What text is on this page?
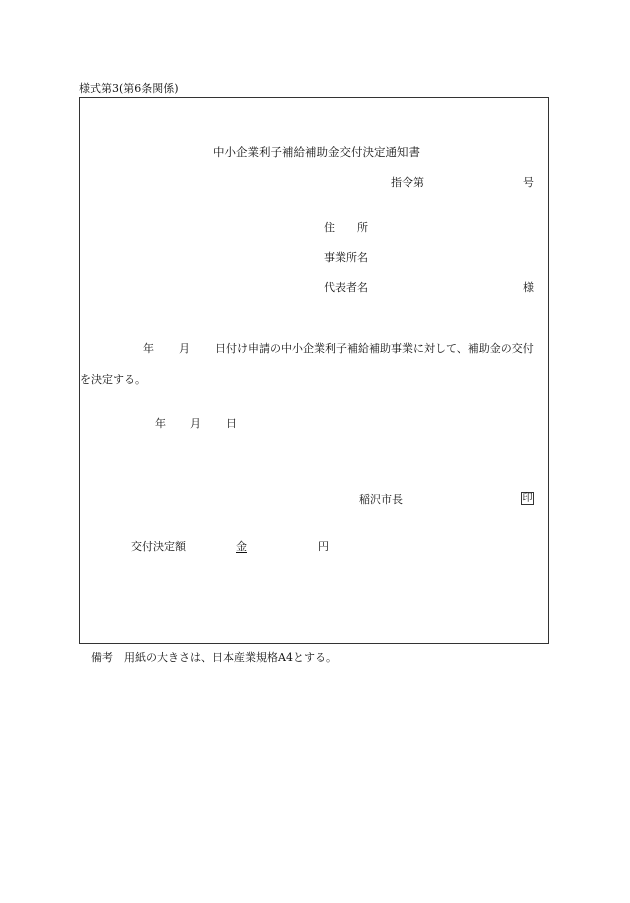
様式第3(第6条関係)
中小企業利子補給補助金交付決定通知書
指令第	号
住　　所
事業所名
代表者名	様
年 月 日付け申請の中小企業利子補給補助事業に対して、補助金の交付
を決定する。
年 月 日
稲沢市長	印
交付決定額	金	円
備考　用紙の大きさは、日本産業規格A4とする。
